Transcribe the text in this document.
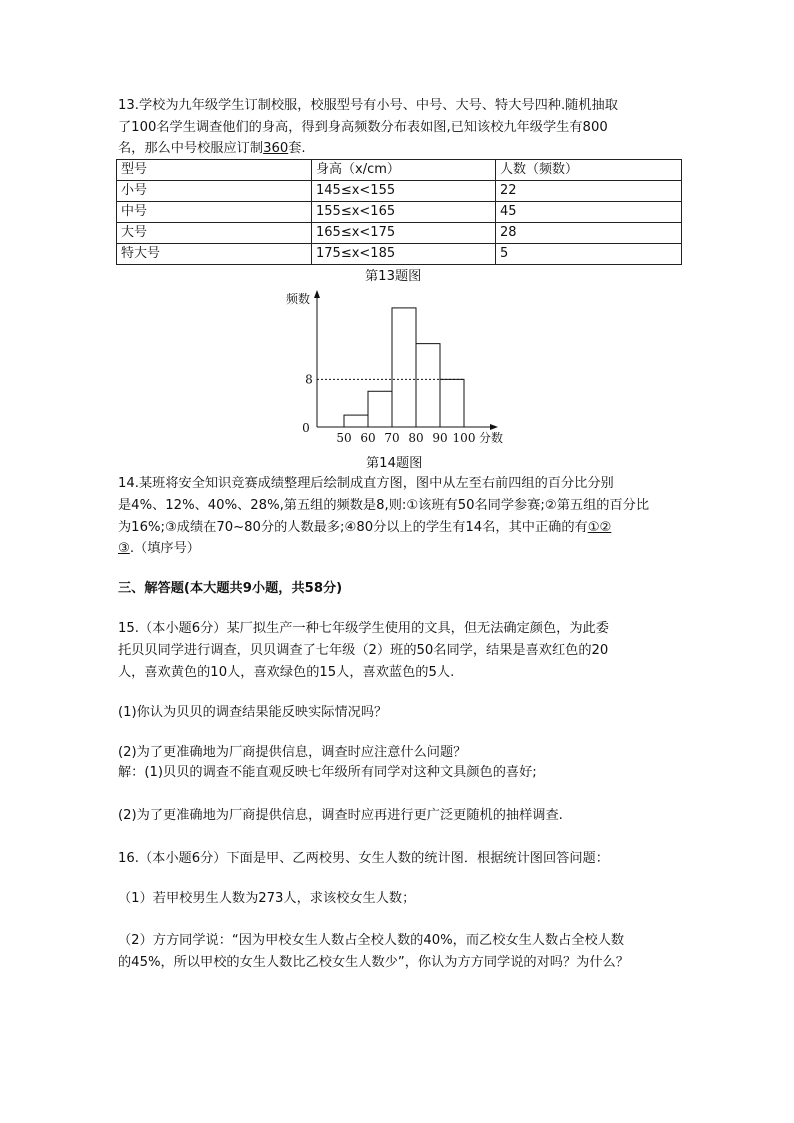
13.学校为九年级学生订制校服，校服型号有小号、中号、大号、特大号四种.随机抽取
了100名学生调查他们的身高，得到身高频数分布表如图,已知该校九年级学生有800
名，那么中号校服应订制360套.
型号	身高（x/cm）	人数（频数）
小号	145≤x<155	22
中号	155≤x<165	45
大号	165≤x<175	28
特大号	175≤x<185	5
第13题图
频数
0
8
50 60 70 80 90 100 分数
第14题图
14.某班将安全知识竞赛成绩整理后绘制成直方图，图中从左至右前四组的百分比分别
是4%、12%、40%、28%,第五组的频数是8,则:①该班有50名同学参赛;②第五组的百分比
为16%;③成绩在70~80分的人数最多;④80分以上的学生有14名，其中正确的有①②
③.（填序号）
三、解答题(本大题共9小题，共58分)
15.（本小题6分）某厂拟生产一种七年级学生使用的文具，但无法确定颜色，为此委
托贝贝同学进行调查，贝贝调查了七年级（2）班的50名同学，结果是喜欢红色的20
人，喜欢黄色的10人，喜欢绿色的15人，喜欢蓝色的5人.
(1)你认为贝贝的调查结果能反映实际情况吗？
(2)为了更准确地为厂商提供信息，调查时应注意什么问题？
解：(1)贝贝的调查不能直观反映七年级所有同学对这种文具颜色的喜好;
(2)为了更准确地为厂商提供信息，调查时应再进行更广泛更随机的抽样调查.
16.（本小题6分）下面是甲、乙两校男、女生人数的统计图．根据统计图回答问题：
（1）若甲校男生人数为273人，求该校女生人数；
（2）方方同学说：“因为甲校女生人数占全校人数的40%，而乙校女生人数占全校人数
的45%，所以甲校的女生人数比乙校女生人数少”，你认为方方同学说的对吗？为什么？
